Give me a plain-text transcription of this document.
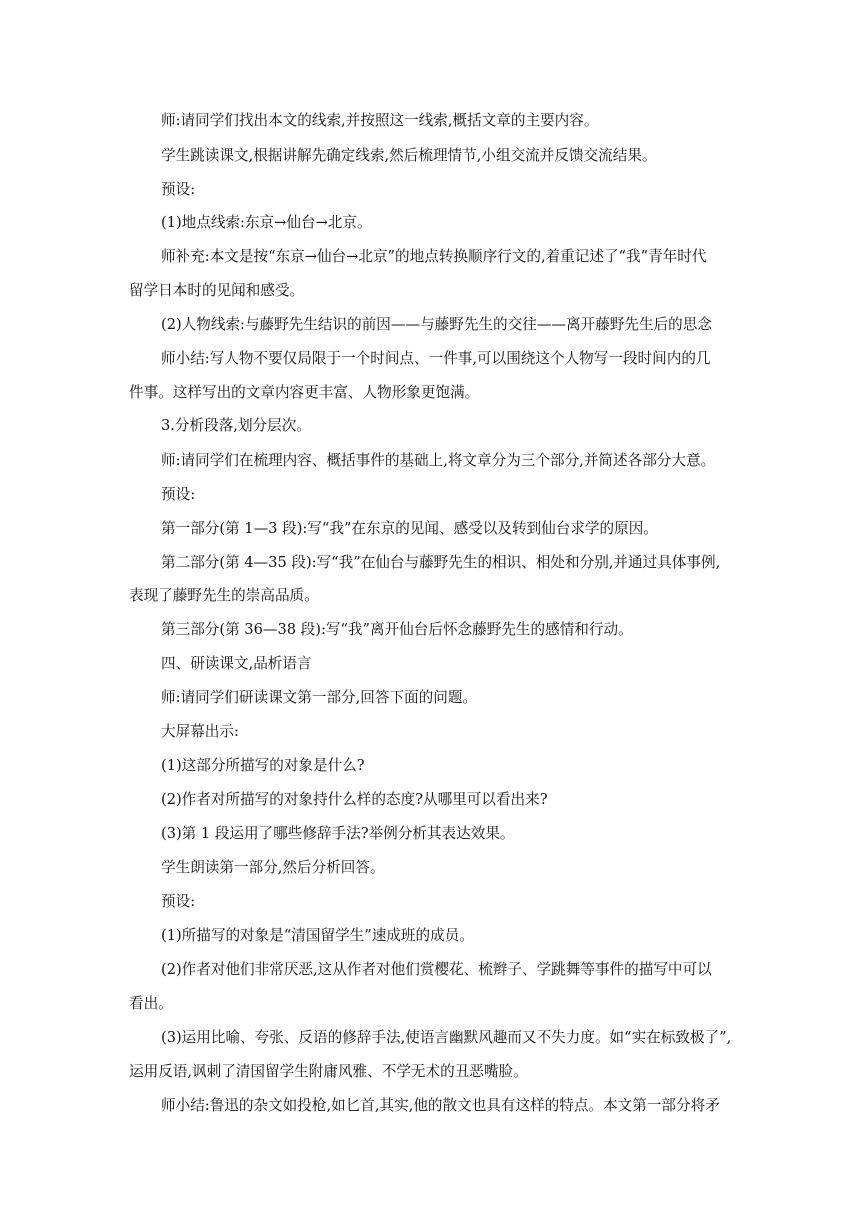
师:请同学们找出本文的线索,并按照这一线索,概括文章的主要内容。
学生跳读课文,根据讲解先确定线索,然后梳理情节,小组交流并反馈交流结果。
预设:
(1)地点线索:东京→仙台→北京。
师补充:本文是按“东京→仙台→北京”的地点转换顺序行文的,着重记述了“我”青年时代
留学日本时的见闻和感受。
(2)人物线索:与藤野先生结识的前因——与藤野先生的交往——离开藤野先生后的思念
师小结:写人物不要仅局限于一个时间点、一件事,可以围绕这个人物写一段时间内的几
件事。这样写出的文章内容更丰富、人物形象更饱满。
3.分析段落,划分层次。
师:请同学们在梳理内容、概括事件的基础上,将文章分为三个部分,并简述各部分大意。
预设:
第一部分(第 1—3 段):写“我”在东京的见闻、感受以及转到仙台求学的原因。
第二部分(第 4—35 段):写“我”在仙台与藤野先生的相识、相处和分别,并通过具体事例,
表现了藤野先生的崇高品质。
第三部分(第 36—38 段):写“我”离开仙台后怀念藤野先生的感情和行动。
四、研读课文,品析语言
师:请同学们研读课文第一部分,回答下面的问题。
大屏幕出示:
(1)这部分所描写的对象是什么?
(2)作者对所描写的对象持什么样的态度?从哪里可以看出来?
(3)第 1 段运用了哪些修辞手法?举例分析其表达效果。
学生朗读第一部分,然后分析回答。
预设:
(1)所描写的对象是“清国留学生”速成班的成员。
(2)作者对他们非常厌恶,这从作者对他们赏樱花、梳辫子、学跳舞等事件的描写中可以
看出。
(3)运用比喻、夸张、反语的修辞手法,使语言幽默风趣而又不失力度。如“实在标致极了”,
运用反语,讽刺了清国留学生附庸风雅、不学无术的丑恶嘴脸。
师小结:鲁迅的杂文如投枪,如匕首,其实,他的散文也具有这样的特点。本文第一部分将矛
